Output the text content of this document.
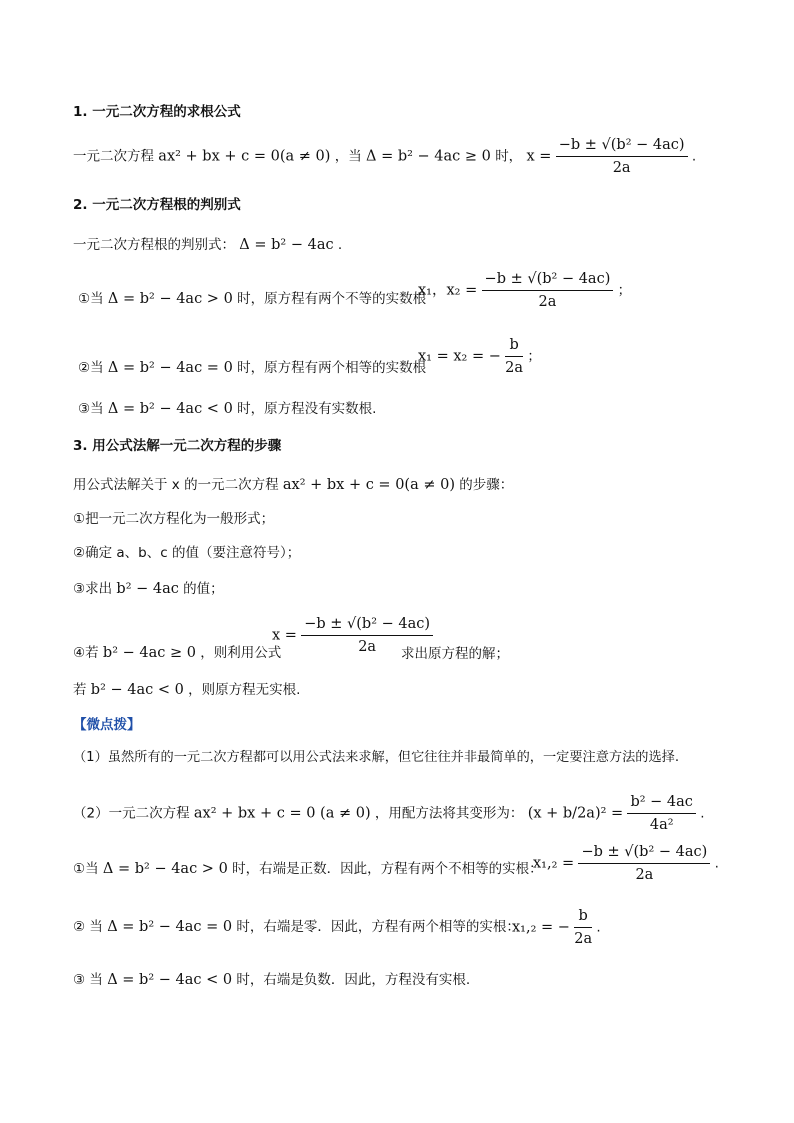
1. 一元二次方程的求根公式
一元二次方程 ax² + bx + c = 0(a ≠ 0) ，当 Δ = b² − 4ac ≥ 0 时， $x = \frac{\text{−b ± √(b² − 4ac)}}{2a}$ .
2. 一元二次方程根的判别式
一元二次方程根的判别式： Δ = b² − 4ac .
①当 Δ = b² − 4ac > 0 时，原方程有两个不等的实数根
x₁，$x_2 = \frac{\text{−b ± √(b² − 4ac)}}{2a}$ ；
②当 Δ = b² − 4ac = 0 时，原方程有两个相等的实数根
x₁ = x₂ = − $\frac{b}{2a}$ ；
③当 Δ = b² − 4ac < 0 时，原方程没有实数根.
3. 用公式法解一元二次方程的步骤
用公式法解关于 x 的一元二次方程 ax² + bx + c = 0(a ≠ 0) 的步骤：
①把一元二次方程化为一般形式；
②确定 a、b、c 的值（要注意符号）；
③求出 b² − 4ac 的值；
④若 b² − 4ac ≥ 0 ，则利用公式
$x = \frac{\text{−b ± √(b² − 4ac)}}{2a}$
求出原方程的解；
若 b² − 4ac < 0 ，则原方程无实根.
【微点拨】
（1）虽然所有的一元二次方程都可以用公式法来求解，但它往往并非最简单的，一定要注意方法的选择.
（2）一元二次方程 ax² + bx + c = 0 (a ≠ 0) ，用配方法将其变形为： $(x + b/2a)^2 = \frac{\text{b² − 4ac}}{\text{4a²}}$ .
①当 Δ = b² − 4ac > 0 时，右端是正数．因此，方程有两个不相等的实根：
$x_1,_2 = \frac{\text{−b ± √(b² − 4ac)}}{2a}$ .
② 当 Δ = b² − 4ac = 0 时，右端是零．因此，方程有两个相等的实根：
x₁,₂ = − $\frac{b}{2a}$ .
③ 当 Δ = b² − 4ac < 0 时，右端是负数．因此，方程没有实根.
